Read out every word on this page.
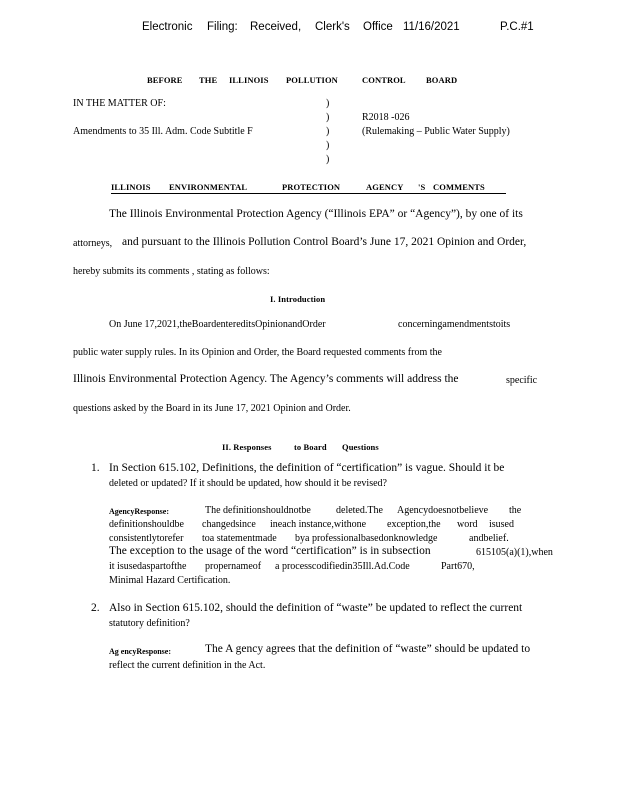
Electronic Filing: Received, Clerk's Office 11/16/2021	P.C.#1
BEFORE THE ILLINOIS POLLUTION	CONTROL BOARD
IN THE MATTER OF:
Amendments to 35 Ill. Adm. Code Subtitle F
)
)
)
)
)
R2018 -026
(Rulemaking – Public Water Supply)
ILLINOIS ENVIRONMENTAL	PROTECTION	AGENCY 'S COMMENTS
The Illinois Environmental Protection Agency (“Illinois EPA” or “Agency”), by one of its
attorneys, and pursuant to the Illinois Pollution Control Board’s June 17, 2021 Opinion and Order,
hereby submits its comments , stating as follows:
I. Introduction
On June 17,2021,theBoardentereditsOpinionandOrder	concerningamendmentstoits
public water supply rules. In its Opinion and Order, the Board requested comments from the
Illinois Environmental Protection Agency. The Agency’s comments will address the	specific
questions asked by the Board in its June 17, 2021 Opinion and Order.
II. Responses	to Board Questions
1. In Section 615.102, Definitions, the definition of “certification” is vague. Should it be
deleted or updated? If it should be updated, how should it be revised?
AgencyResponse:	The definitionshouldnotbe	deleted.The Agencydoesnotbelieve the
definitionshouldbe changedsince ineach instance,withone exception,the word isused
consistentlytorefer toa statementmade bya professionalbasedonknowledge	andbelief.
The exception to the usage of the word “certification” is in subsection	615105(a)(1),when
it isusedaspartofthe propernameof a processcodifiedin35Ill.Ad.Code	Part670,
Minimal Hazard Certification.
2. Also in Section 615.102, should the definition of “waste” be updated to reflect the current
statutory definition?
Ag encyResponse:	The A gency agrees that the definition of “waste” should be updated to
reflect the current definition in the Act.
